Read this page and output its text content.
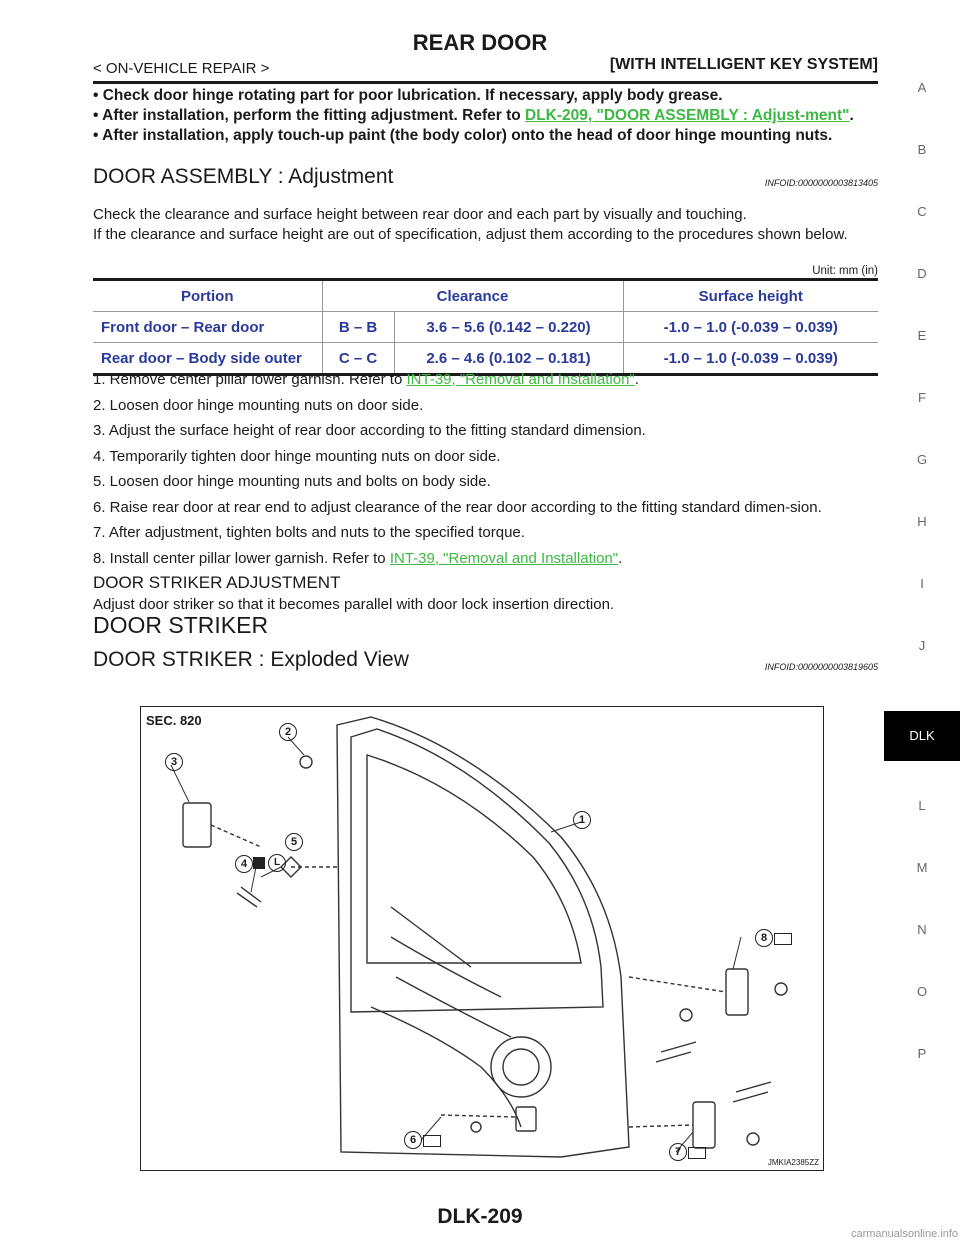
REAR DOOR
< ON-VEHICLE REPAIR >	[WITH INTELLIGENT KEY SYSTEM]
• Check door hinge rotating part for poor lubrication. If necessary, apply body grease.
• After installation, perform the fitting adjustment. Refer to DLK-209, "DOOR ASSEMBLY : Adjust-ment".
• After installation, apply touch-up paint (the body color) onto the head of door hinge mounting nuts.
DOOR ASSEMBLY : Adjustment	INFOID:0000000003813405
Check the clearance and surface height between rear door and each part by visually and touching.
If the clearance and surface height are out of specification, adjust them according to the procedures shown below.
Unit: mm (in)
Portion	Clearance		Surface height
Front door – Rear door	B – B	3.6 – 5.6 (0.142 – 0.220)	-1.0 – 1.0 (-0.039 – 0.039)
Rear door – Body side outer	C – C	2.6 – 4.6 (0.102 – 0.181)	-1.0 – 1.0 (-0.039 – 0.039)
1. Remove center pillar lower garnish. Refer to INT-39, "Removal and Installation".
2. Loosen door hinge mounting nuts on door side.
3. Adjust the surface height of rear door according to the fitting standard dimension.
4. Temporarily tighten door hinge mounting nuts on door side.
5. Loosen door hinge mounting nuts and bolts on body side.
6. Raise rear door at rear end to adjust clearance of the rear door according to the fitting standard dimen-sion.
7. After adjustment, tighten bolts and nuts to the specified torque.
8. Install center pillar lower garnish. Refer to INT-39, "Removal and Installation".
DOOR STRIKER ADJUSTMENT
Adjust door striker so that it becomes parallel with door lock insertion direction.
DOOR STRIKER
DOOR STRIKER : Exploded View	INFOID:0000000003819605
SEC. 820
1
2
3
4	L
5
6
7
8
JMKIA2385ZZ
A
B
C
D
E
F
G
H
I
J
DLK
L
M
N
O
P
DLK-209
carmanualsonline.info
